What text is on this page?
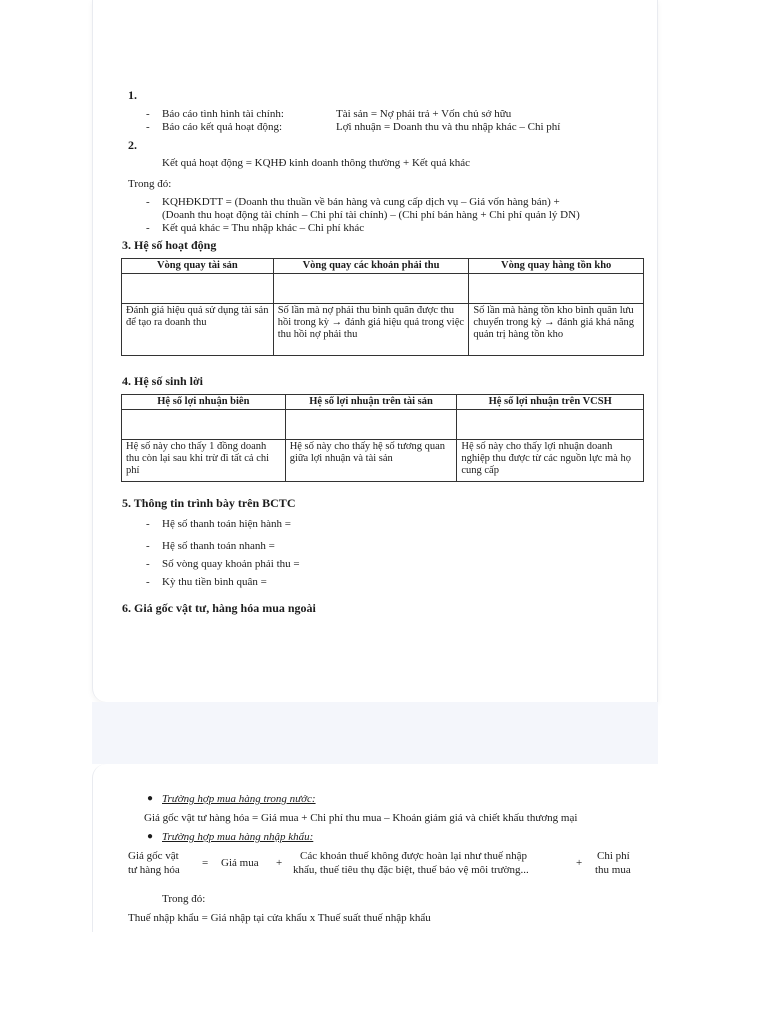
1.
- Báo cáo tình hình tài chính:	Tài sản = Nợ phải trả + Vốn chủ sở hữu
- Báo cáo kết quả hoạt động:	Lợi nhuận = Doanh thu và thu nhập khác – Chi phí
2.
Kết quả hoạt động = KQHĐ kinh doanh thông thường + Kết quả khác
Trong đó:
- KQHĐKDTT = (Doanh thu thuần về bán hàng và cung cấp dịch vụ – Giá vốn hàng bán) +
(Doanh thu hoạt động tài chính – Chi phí tài chính) – (Chi phí bán hàng + Chi phí quản lý DN)
- Kết quả khác = Thu nhập khác – Chi phí khác
3. Hệ số hoạt động
Vòng quay tài sản	Vòng quay các khoản phải thu	Vòng quay hàng tồn kho

Đánh giá hiệu quả sử dụng tài sản để tạo ra doanh thu	Số lần mà nợ phải thu bình quân được thu hồi trong kỳ → đánh giá hiệu quả trong việc thu hồi nợ phải thu	Số lần mà hàng tồn kho bình quân lưu chuyển trong kỳ → đánh giá khả năng quản trị hàng tồn kho
4. Hệ số sinh lời
Hệ số lợi nhuận biên	Hệ số lợi nhuận trên tài sản	Hệ số lợi nhuận trên VCSH

Hệ số này cho thấy 1 đồng doanh thu còn lại sau khi trừ đi tất cả chi phí	Hệ số này cho thấy hệ số tương quan giữa lợi nhuận và tài sản	Hệ số này cho thấy lợi nhuận doanh nghiệp thu được từ các nguồn lực mà họ cung cấp
5. Thông tin trình bày trên BCTC
- Hệ số thanh toán hiện hành =
- Hệ số thanh toán nhanh =
- Số vòng quay khoản phải thu =
- Kỳ thu tiền bình quân =
6. Giá gốc vật tư, hàng hóa mua ngoài
● Trường hợp mua hàng trong nước:
Giá gốc vật tư hàng hóa = Giá mua + Chi phí thu mua – Khoản giảm giá và chiết khấu thương mại
● Trường hợp mua hàng nhập khẩu:
Giá gốc vật
tư hàng hóa
= Giá mua +
Các khoản thuế không được hoàn lại như thuế nhập
khẩu, thuế tiêu thụ đặc biệt, thuế bảo vệ môi trường...
+
Chi phí
thu mua
Trong đó:
Thuế nhập khẩu = Giá nhập tại cửa khẩu x Thuế suất thuế nhập khẩu
